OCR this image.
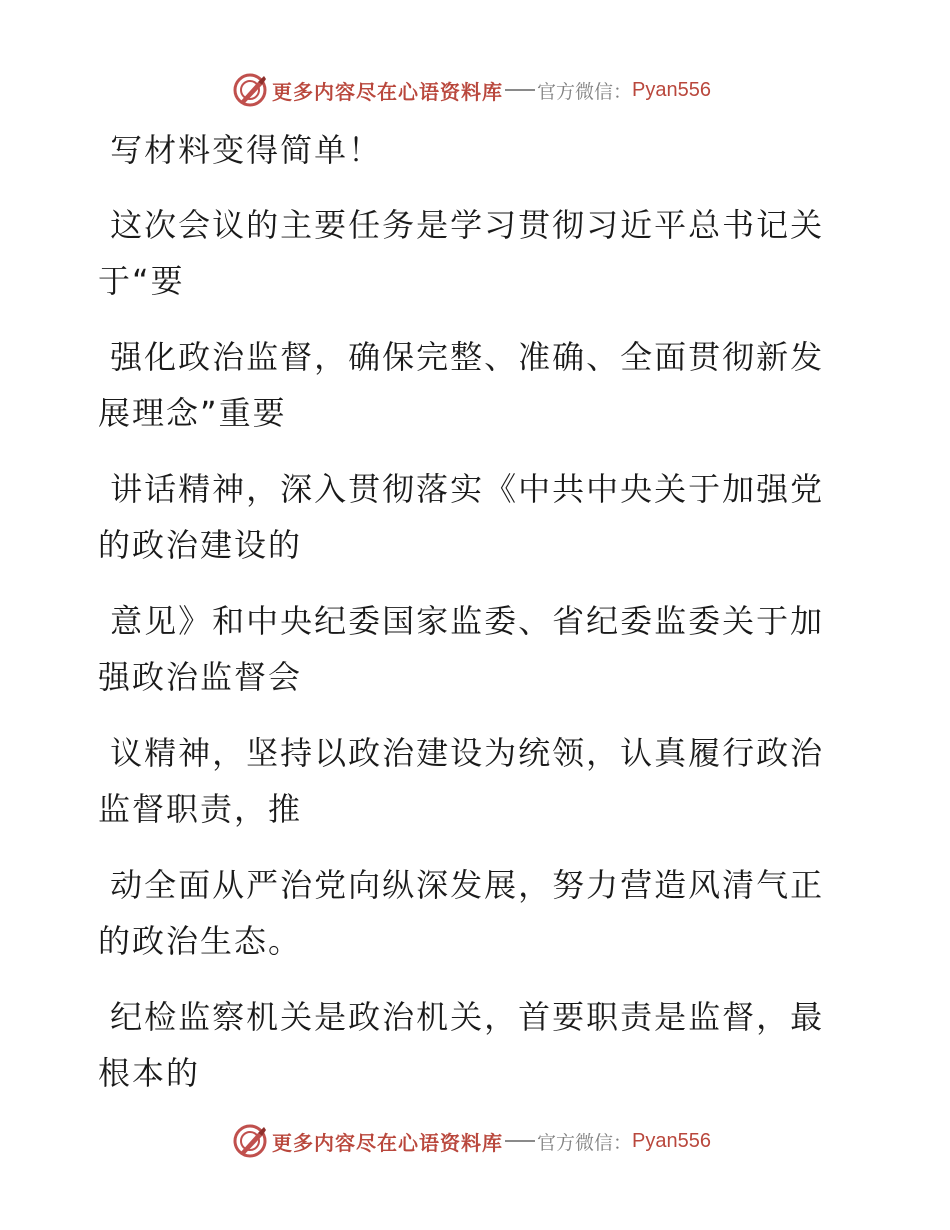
更多内容尽在心语资料库 官方微信： Pyan556

写材料变得简单！

这次会议的主要任务是学习贯彻习近平总书记关于“要

强化政治监督，确保完整、准确、全面贯彻新发展理念”重要

讲话精神，深入贯彻落实《中共中央关于加强党的政治建设的

意见》和中央纪委国家监委、省纪委监委关于加强政治监督会

议精神，坚持以政治建设为统领，认真履行政治监督职责，推

动全面从严治党向纵深发展，努力营造风清气正的政治生态。

纪检监察机关是政治机关，首要职责是监督，最根本的

更多内容尽在心语资料库 官方微信： Pyan556
